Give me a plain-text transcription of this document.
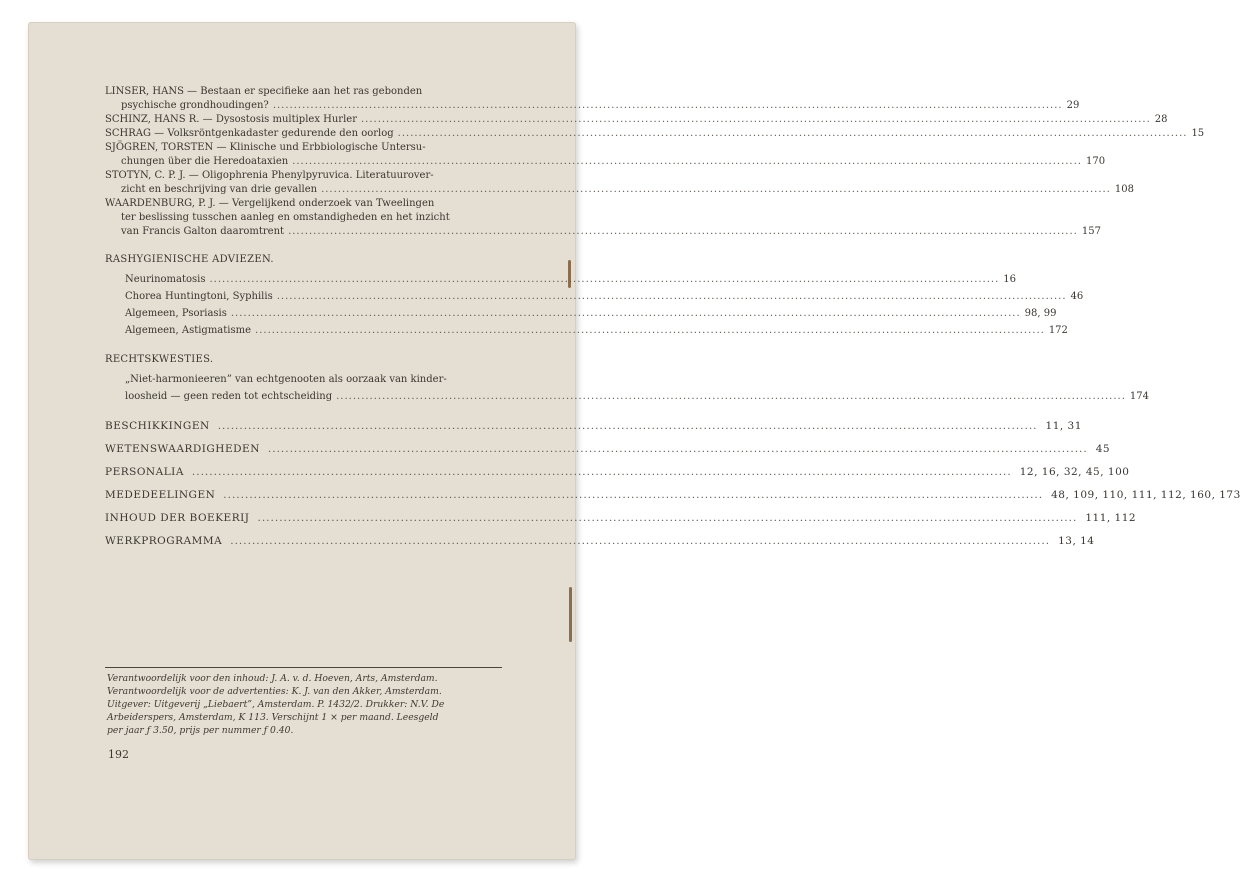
LINSER, HANS — Bestaan er specifieke aan het ras gebonden
psychische grondhoudingen? .....	29
SCHINZ, HANS R. — Dysostosis multiplex Hurler .....	28
SCHRAG — Volksröntgenkadaster gedurende den oorlog .....	15
SJÖGREN, TORSTEN — Klinische und Erbbiologische Untersu-
chungen über die Heredoataxien .....	170
STOTYN, C. P. J. — Oligophrenia Phenylpyruvica. Literatuurover-
zicht en beschrijving van drie gevallen .....	108
WAARDENBURG, P. J. — Vergelijkend onderzoek van Tweelingen
ter beslissing tusschen aanleg en omstandigheden en het inzicht
van Francis Galton daaromtrent .....	157
RASHYGIENISCHE ADVIEZEN.
Neurinomatosis .....	16
Chorea Huntingtoni, Syphilis .....	46
Algemeen, Psoriasis .....	98, 99
Algemeen, Astigmatisme .....	172
RECHTSKWESTIES.
„Niet-harmonieeren” van echtgenooten als oorzaak van kinder-
loosheid — geen reden tot echtscheiding .....	174
BESCHIKKINGEN .....	11, 31
WETENSWAARDIGHEDEN .....	45
PERSONALIA .....	12, 16, 32, 45, 100
MEDEDEELINGEN .....	48, 109, 110, 111, 112, 160, 173
INHOUD DER BOEKERIJ .....	111, 112
WERKPROGRAMMA .....	13, 14
Verantwoordelijk voor den inhoud: J. A. v. d. Hoeven, Arts, Amsterdam.
Verantwoordelijk voor de advertenties: K. J. van den Akker, Amsterdam.
Uitgever: Uitgeverij „Liebaert”, Amsterdam. P. 1432/2. Drukker: N.V. De
Arbeiderspers, Amsterdam, K 113. Verschijnt 1 × per maand. Leesgeld
per jaar ƒ 3.50, prijs per nummer ƒ 0.40.
192
